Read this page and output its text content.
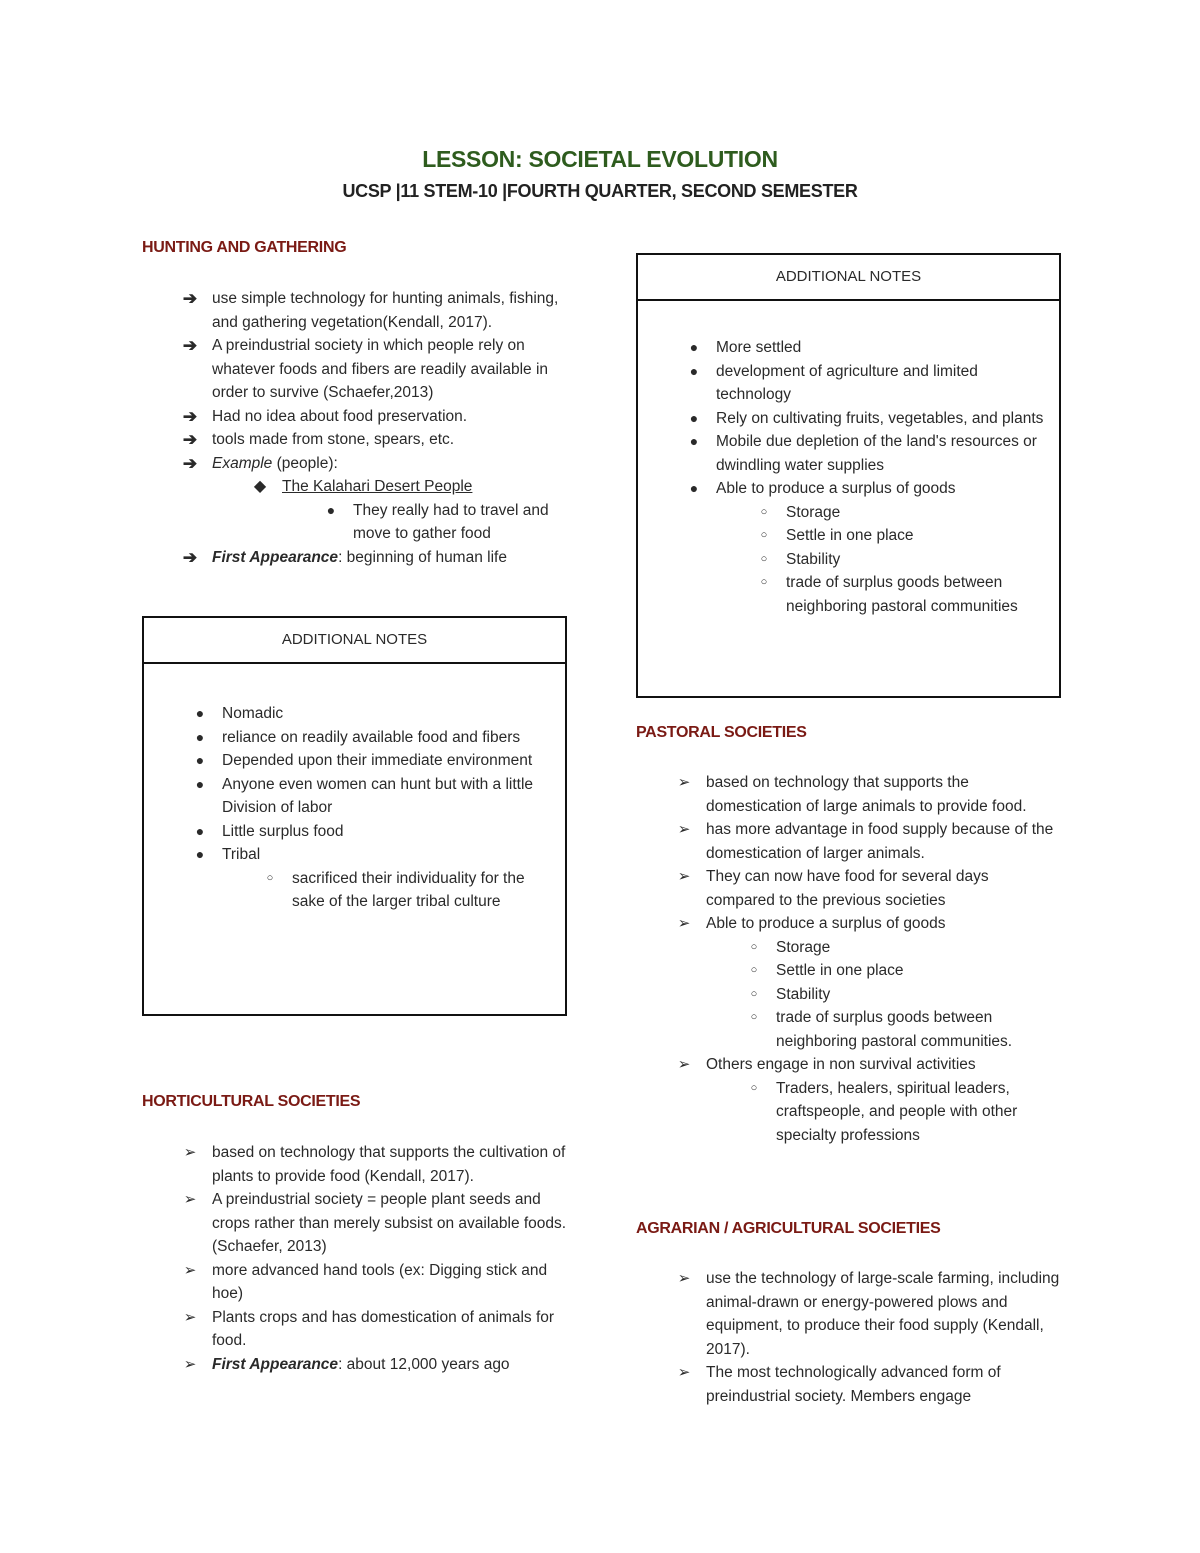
LESSON: SOCIETAL EVOLUTION
UCSP |11 STEM-10 |FOURTH QUARTER, SECOND SEMESTER
HUNTING AND GATHERING
➔ use simple technology for hunting animals, fishing, and gathering vegetation(Kendall, 2017).
➔ A preindustrial society in which people rely on whatever foods and fibers are readily available in order to survive (Schaefer,2013)
➔ Had no idea about food preservation.
➔ tools made from stone, spears, etc.
➔ Example (people):
◆	The Kalahari Desert People
●	They really had to travel and move to gather food
➔ First Appearance: beginning of human life
ADDITIONAL NOTES
●	Nomadic
●	reliance on readily available food and fibers
●	Depended upon their immediate environment
●	Anyone even women can hunt but with a little Division of labor
●	Little surplus food
●	Tribal
○	sacrificed their individuality for the sake of the larger tribal culture
HORTICULTURAL SOCIETIES
➢	based on technology that supports the cultivation of plants to provide food (Kendall, 2017).
➢	A preindustrial society = people plant seeds and crops rather than merely subsist on available foods. (Schaefer, 2013)
➢	more advanced hand tools (ex: Digging stick and hoe)
➢	Plants crops and has domestication of animals for food.
➢	First Appearance: about 12,000 years ago
ADDITIONAL NOTES
●	More settled
●	development of agriculture and limited technology
●	Rely on cultivating fruits, vegetables, and plants
●	Mobile due depletion of the land's resources or dwindling water supplies
●	Able to produce a surplus of goods
○	Storage
○	Settle in one place
○	Stability
○	trade of surplus goods between neighboring pastoral communities
PASTORAL SOCIETIES
➢	based on technology that supports the domestication of large animals to provide food.
➢	has more advantage in food supply because of the domestication of larger animals.
➢	They can now have food for several days compared to the previous societies
➢	Able to produce a surplus of goods
○	Storage
○	Settle in one place
○	Stability
○	trade of surplus goods between neighboring pastoral communities.
➢	Others engage in non survival activities
○	Traders, healers, spiritual leaders, craftspeople, and people with other specialty professions
AGRARIAN / AGRICULTURAL SOCIETIES
➢	use the technology of large-scale farming, including animal-drawn or energy-powered plows and equipment, to produce their food supply (Kendall, 2017).
➢	The most technologically advanced form of preindustrial society. Members engage
